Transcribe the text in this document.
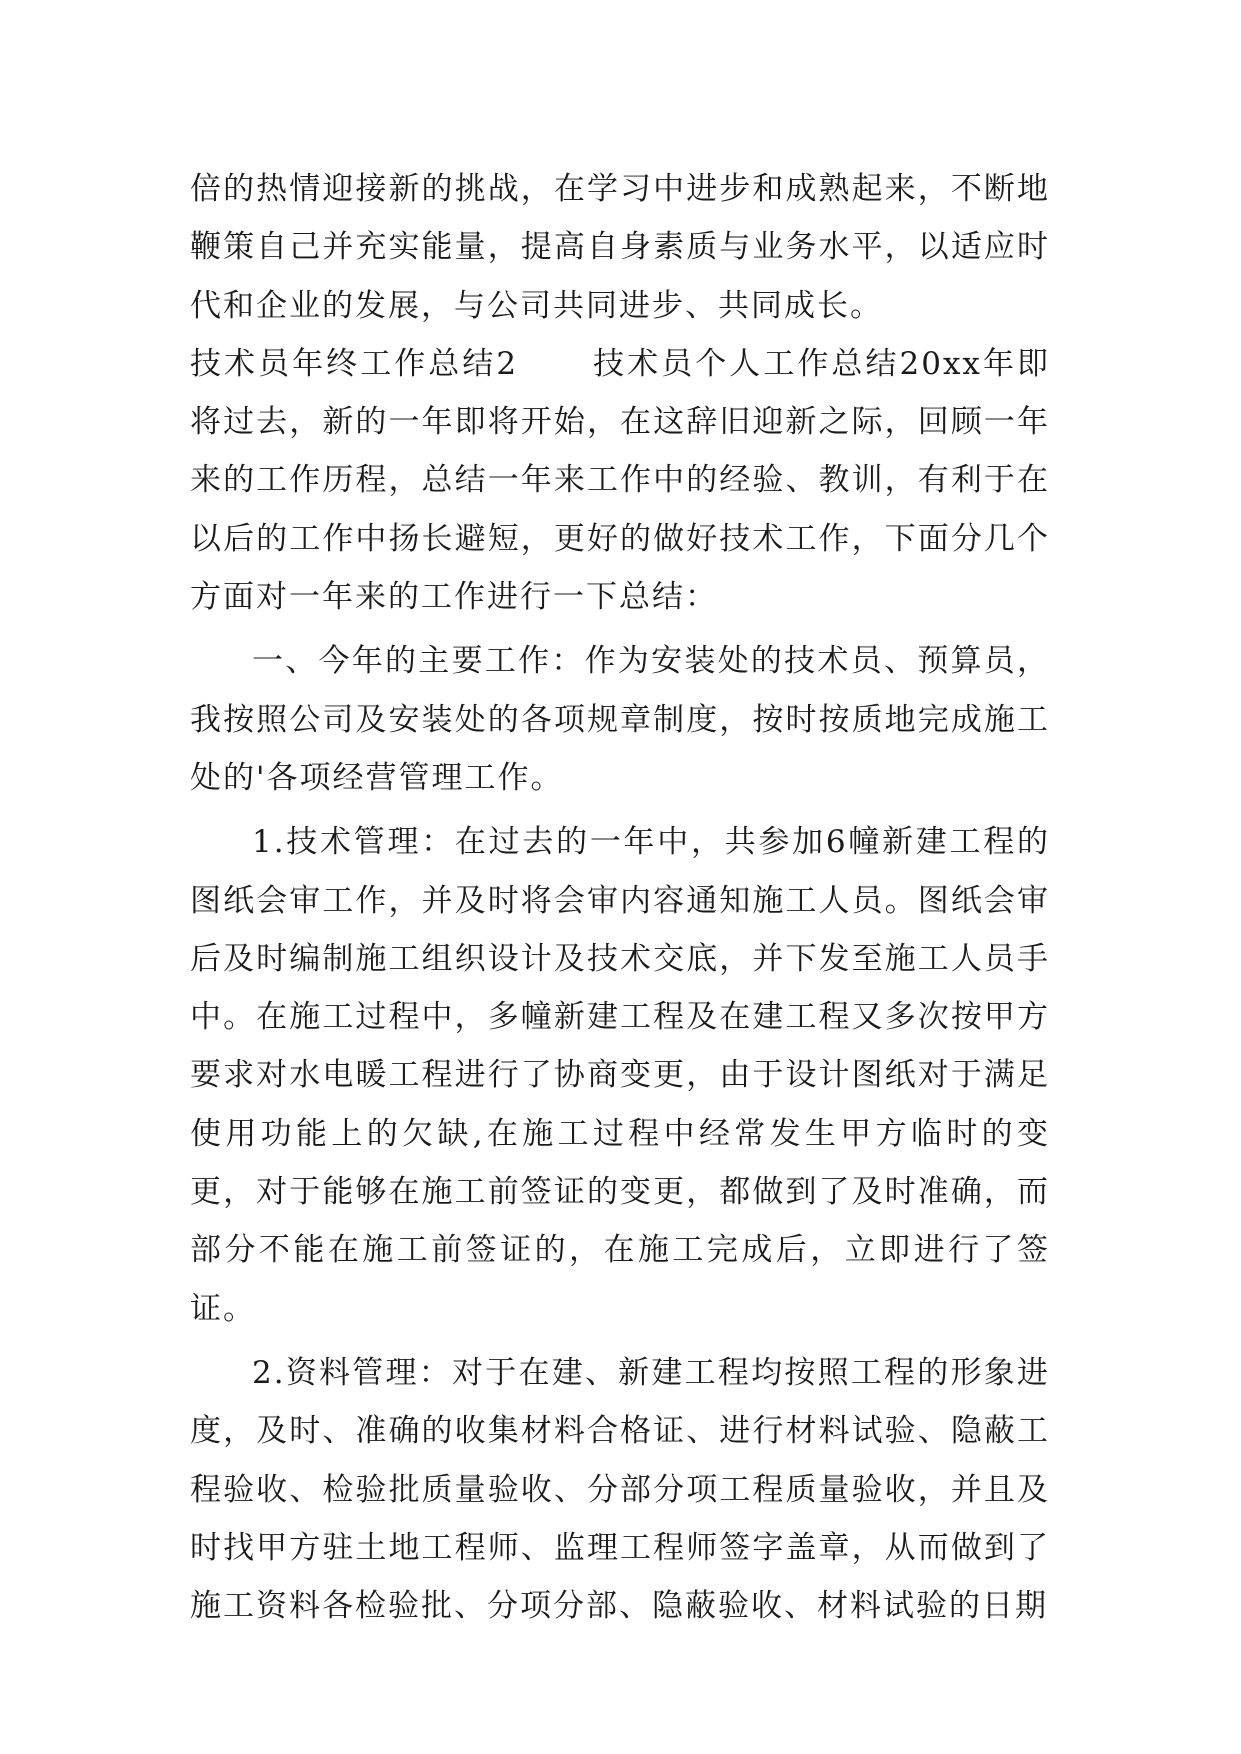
倍的热情迎接新的挑战，在学习中进步和成熟起来，不断地鞭策自己并充实能量，提高自身素质与业务水平，以适应时代和企业的发展，与公司共同进步、共同成长。

技术员年终工作总结2 技术员个人工作总结20xx年即将过去，新的一年即将开始，在这辞旧迎新之际，回顾一年来的工作历程，总结一年来工作中的经验、教训，有利于在以后的工作中扬长避短，更好的做好技术工作，下面分几个方面对一年来的工作进行一下总结：

一、今年的主要工作：作为安装处的技术员、预算员，我按照公司及安装处的各项规章制度，按时按质地完成施工处的'各项经营管理工作。

1.技术管理：在过去的一年中，共参加6幢新建工程的图纸会审工作，并及时将会审内容通知施工人员。图纸会审后及时编制施工组织设计及技术交底，并下发至施工人员手中。在施工过程中，多幢新建工程及在建工程又多次按甲方要求对水电暖工程进行了协商变更，由于设计图纸对于满足使用功能上的欠缺,在施工过程中经常发生甲方临时的变更，对于能够在施工前签证的变更，都做到了及时准确，而部分不能在施工前签证的，在施工完成后，立即进行了签证。

2.资料管理：对于在建、新建工程均按照工程的形象进度，及时、准确的收集材料合格证、进行材料试验、隐蔽工程验收、检验批质量验收、分部分项工程质量验收，并且及时找甲方驻土地工程师、监理工程师签字盖章，从而做到了施工资料各检验批、分项分部、隐蔽验收、材料试验的日期
